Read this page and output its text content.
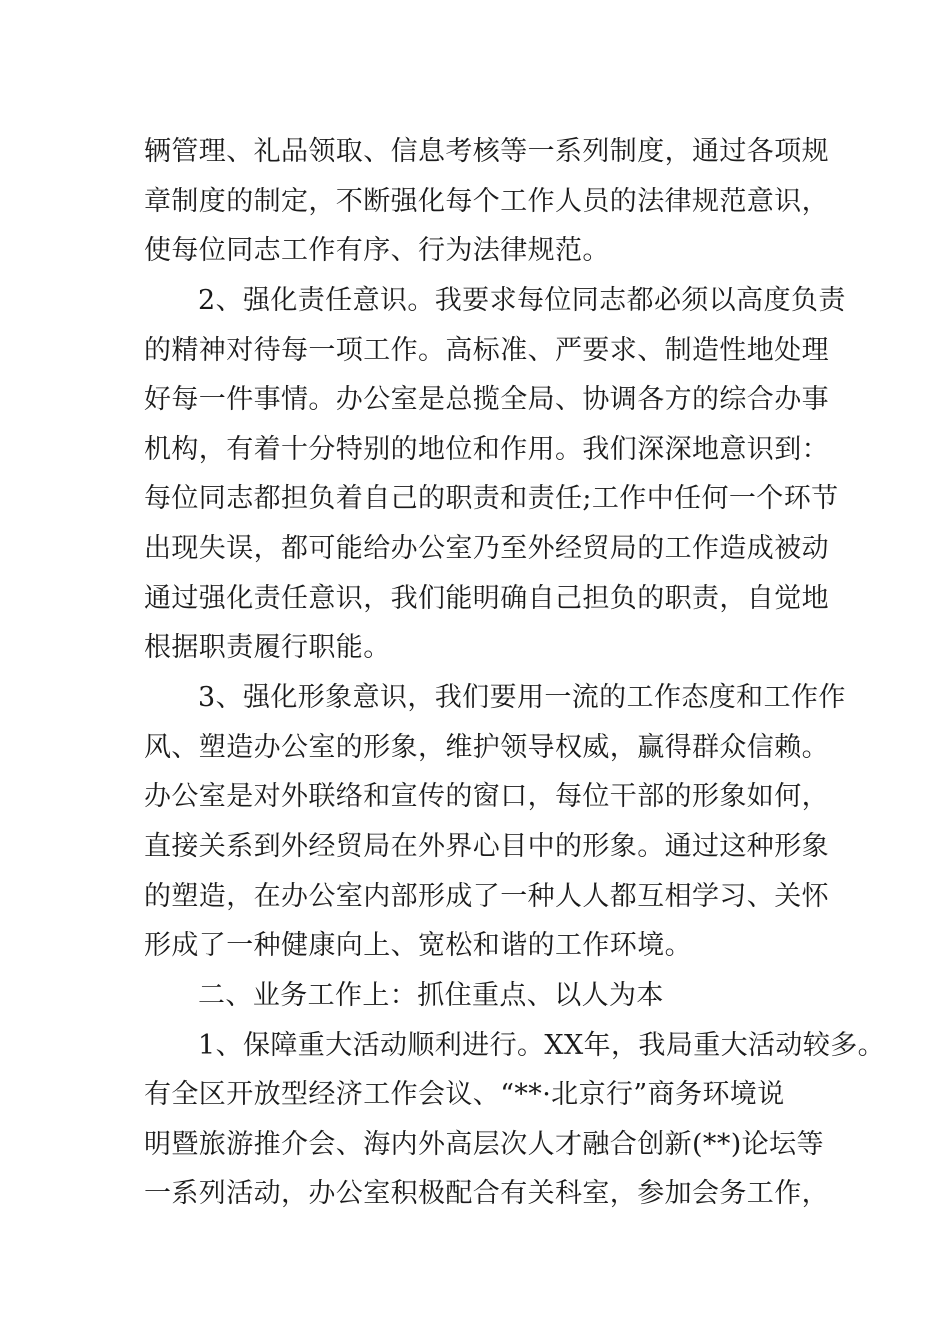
辆管理、礼品领取、信息考核等一系列制度，通过各项规
章制度的制定，不断强化每个工作人员的法律规范意识，
使每位同志工作有序、行为法律规范。
2、强化责任意识。我要求每位同志都必须以高度负责
的精神对待每一项工作。高标准、严要求、制造性地处理
好每一件事情。办公室是总揽全局、协调各方的综合办事
机构，有着十分特别的地位和作用。我们深深地意识到：
每位同志都担负着自己的职责和责任;工作中任何一个环节
出现失误，都可能给办公室乃至外经贸局的工作造成被动
通过强化责任意识，我们能明确自己担负的职责，自觉地
根据职责履行职能。
3、强化形象意识，我们要用一流的工作态度和工作作
风、塑造办公室的形象，维护领导权威，赢得群众信赖。
办公室是对外联络和宣传的窗口，每位干部的形象如何，
直接关系到外经贸局在外界心目中的形象。通过这种形象
的塑造，在办公室内部形成了一种人人都互相学习、关怀
形成了一种健康向上、宽松和谐的工作环境。
二、业务工作上：抓住重点、以人为本
1、保障重大活动顺利进行。XX年，我局重大活动较多。
有全区开放型经济工作会议、“**·北京行”商务环境说
明暨旅游推介会、海内外高层次人才融合创新(**)论坛等
一系列活动，办公室积极配合有关科室，参加会务工作，
